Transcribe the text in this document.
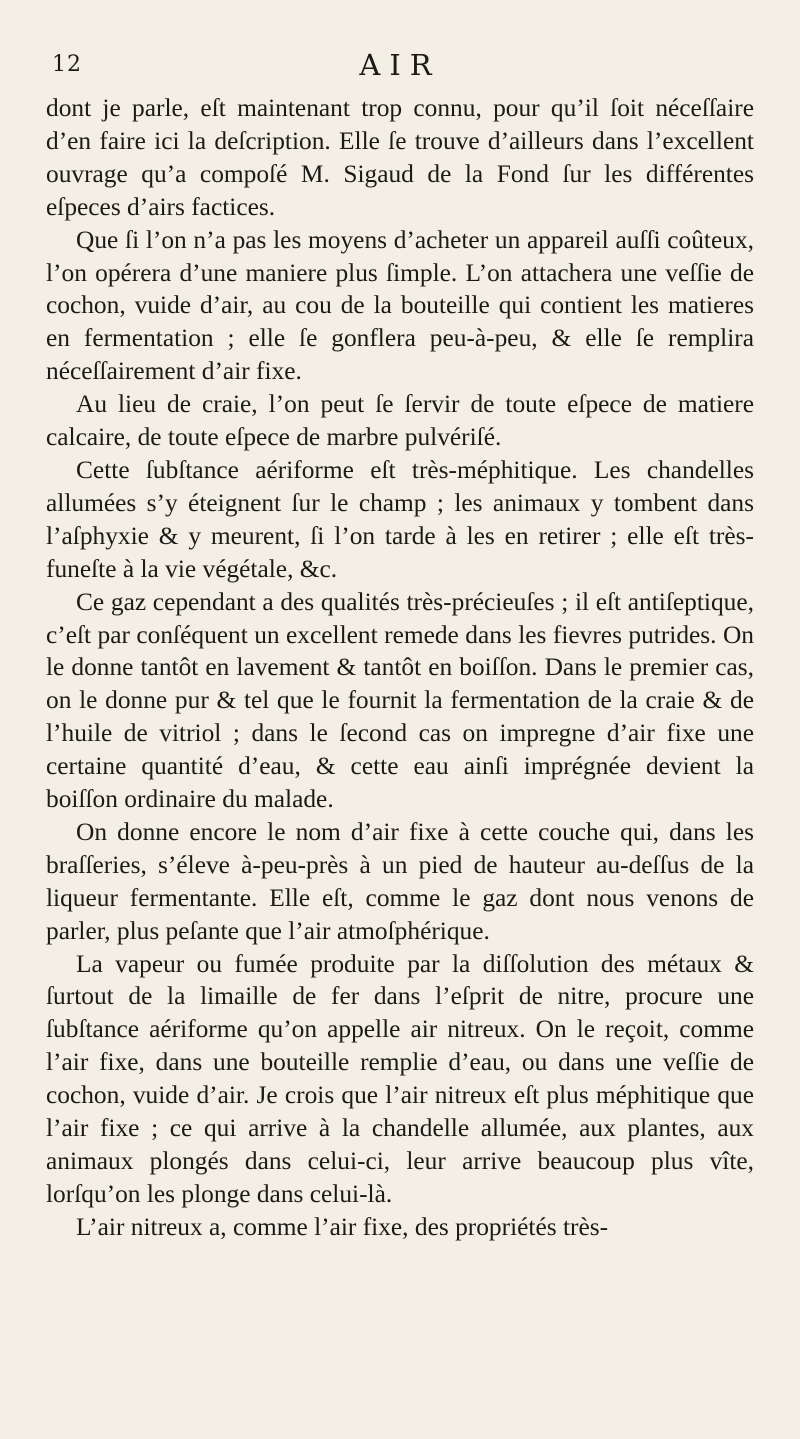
12	AIR

dont je parle, eſt maintenant trop connu, pour qu’il ſoit néceſſaire d’en faire ici la deſcription. Elle ſe trouve d’ailleurs dans l’excellent ouvrage qu’a compoſé M. Sigaud de la Fond ſur les différentes eſpeces d’airs factices.

Que ſi l’on n’a pas les moyens d’acheter un appareil auſſi coûteux, l’on opérera d’une maniere plus ſimple. L’on attachera une veſſie de cochon, vuide d’air, au cou de la bouteille qui contient les matieres en fermentation ; elle ſe gonflera peu-à-peu, & elle ſe remplira néceſſairement d’air fixe.

Au lieu de craie, l’on peut ſe ſervir de toute eſpece de matiere calcaire, de toute eſpece de marbre pulvériſé.

Cette ſubſtance aériforme eſt très-méphitique. Les chandelles allumées s’y éteignent ſur le champ ; les animaux y tombent dans l’aſphyxie & y meurent, ſi l’on tarde à les en retirer ; elle eſt très-funeſte à la vie végétale, &c.

Ce gaz cependant a des qualités très-précieuſes ; il eſt antiſeptique, c’eſt par conſéquent un excellent remede dans les fievres putrides. On le donne tantôt en lavement & tantôt en boiſſon. Dans le premier cas, on le donne pur & tel que le fournit la fermentation de la craie & de l’huile de vitriol ; dans le ſecond cas on impregne d’air fixe une certaine quantité d’eau, & cette eau ainſi imprégnée devient la boiſſon ordinaire du malade.

On donne encore le nom d’air fixe à cette couche qui, dans les braſſeries, s’éleve à-peu-près à un pied de hauteur au-deſſus de la liqueur fermentante. Elle eſt, comme le gaz dont nous venons de parler, plus peſante que l’air atmoſphérique.

La vapeur ou fumée produite par la diſſolution des métaux & ſurtout de la limaille de fer dans l’eſprit de nitre, procure une ſubſtance aériforme qu’on appelle air nitreux. On le reçoit, comme l’air fixe, dans une bouteille remplie d’eau, ou dans une veſſie de cochon, vuide d’air. Je crois que l’air nitreux eſt plus méphitique que l’air fixe ; ce qui arrive à la chandelle allumée, aux plantes, aux animaux plongés dans celui-ci, leur arrive beaucoup plus vîte, lorſqu’on les plonge dans celui-là.

L’air nitreux a, comme l’air fixe, des propriétés très-
